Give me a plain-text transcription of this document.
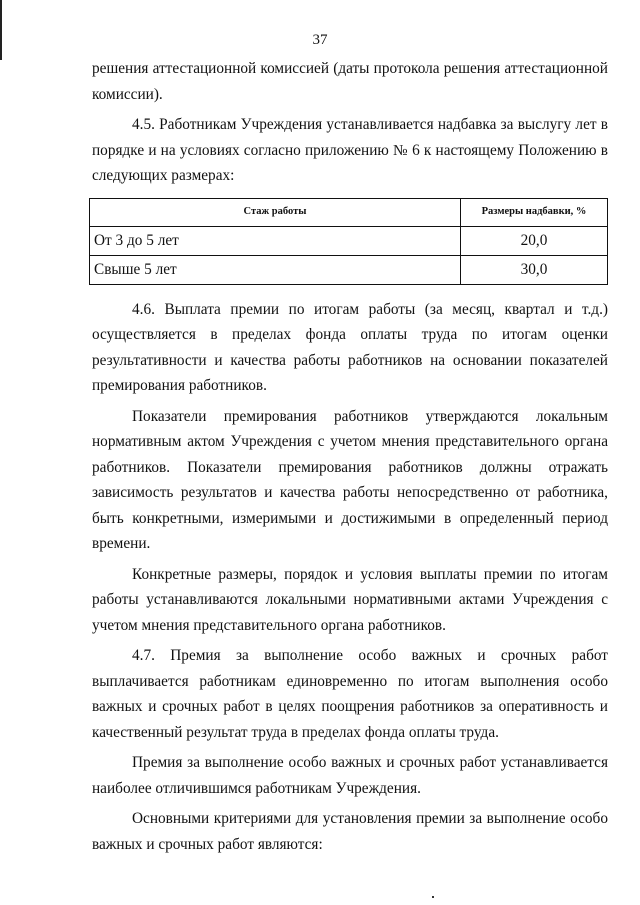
37

решения аттестационной комиссией (даты протокола решения аттестационной комиссии).

4.5. Работникам Учреждения устанавливается надбавка за выслугу лет в порядке и на условиях согласно приложению № 6 к настоящему Положению в следующих размерах:

Стаж работы	Размеры надбавки, %
От 3 до 5 лет	20,0
Свыше 5 лет	30,0

4.6. Выплата премии по итогам работы (за месяц, квартал и т.д.) осуществляется в пределах фонда оплаты труда по итогам оценки результативности и качества работы работников на основании показателей премирования работников.

Показатели премирования работников утверждаются локальным нормативным актом Учреждения с учетом мнения представительного органа работников. Показатели премирования работников должны отражать зависимость результатов и качества работы непосредственно от работника, быть конкретными, измеримыми и достижимыми в определенный период времени.

Конкретные размеры, порядок и условия выплаты премии по итогам работы устанавливаются локальными нормативными актами Учреждения с учетом мнения представительного органа работников.

4.7. Премия за выполнение особо важных и срочных работ выплачивается работникам единовременно по итогам выполнения особо важных и срочных работ в целях поощрения работников за оперативность и качественный результат труда в пределах фонда оплаты труда.

Премия за выполнение особо важных и срочных работ устанавливается наиболее отличившимся работникам Учреждения.

Основными критериями для установления премии за выполнение особо важных и срочных работ являются:
